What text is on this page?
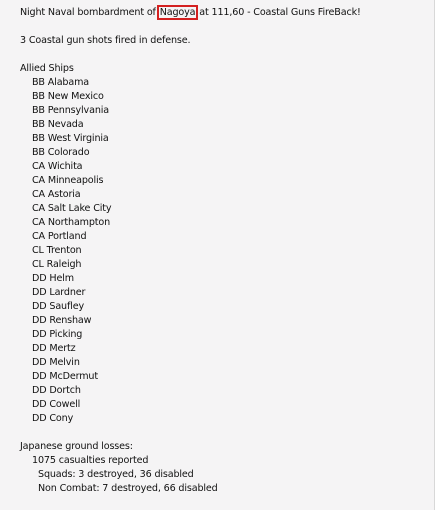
Night Naval bombardment of Nagoya at 111,60 - Coastal Guns FireBack!
3 Coastal gun shots fired in defense.
Allied Ships
BB Alabama
BB New Mexico
BB Pennsylvania
BB Nevada
BB West Virginia
BB Colorado
CA Wichita
CA Minneapolis
CA Astoria
CA Salt Lake City
CA Northampton
CA Portland
CL Trenton
CL Raleigh
DD Helm
DD Lardner
DD Saufley
DD Renshaw
DD Picking
DD Mertz
DD Melvin
DD McDermut
DD Dortch
DD Cowell
DD Cony
Japanese ground losses:
1075 casualties reported
Squads: 3 destroyed, 36 disabled
Non Combat: 7 destroyed, 66 disabled
